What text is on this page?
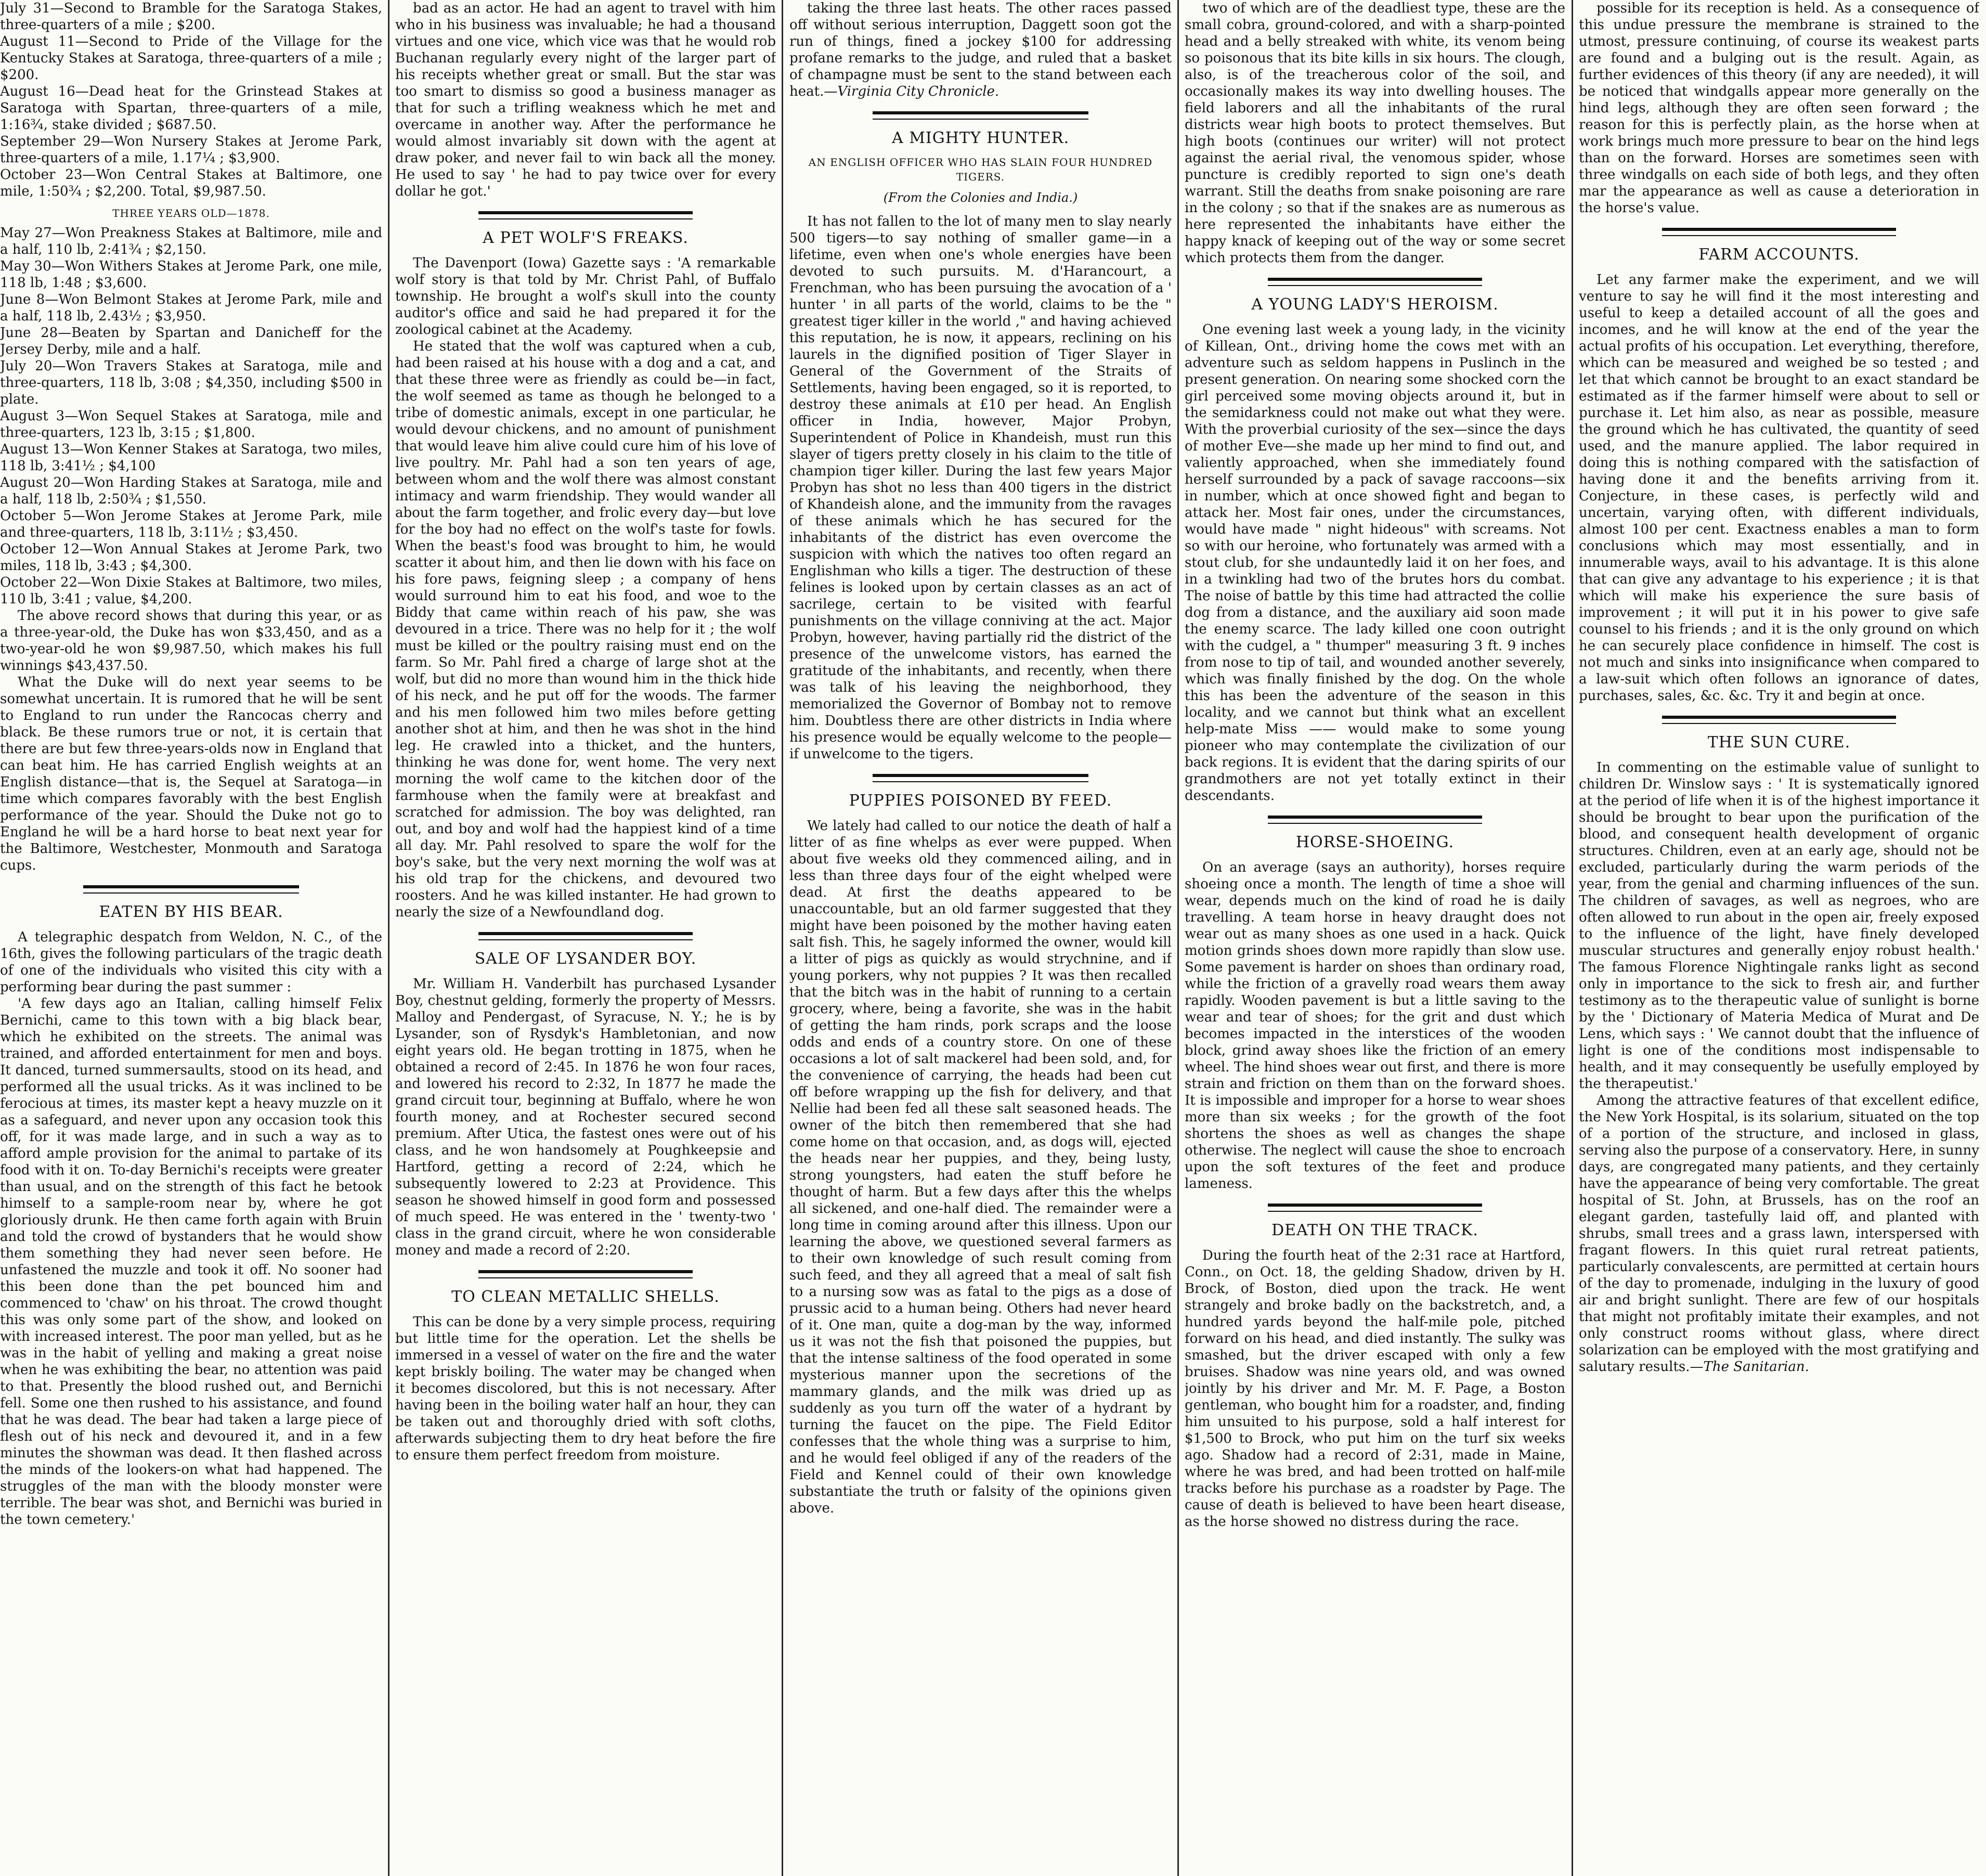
July 31—Second to Bramble for the Saratoga Stakes, three-quarters of a mile ; $200.

August 11—Second to Pride of the Village for the Kentucky Stakes at Saratoga, three-quarters of a mile ; $200.

August 16—Dead heat for the Grinstead Stakes at Saratoga with Spartan, three-quarters of a mile, 1:16¾, stake divided ; $687.50.

September 29—Won Nursery Stakes at Jerome Park, three-quarters of a mile, 1.17¼ ; $3,900.

October 23—Won Central Stakes at Baltimore, one mile, 1:50¾ ; $2,200. Total, $9,987.50.

THREE YEARS OLD—1878.

May 27—Won Preakness Stakes at Baltimore, mile and a half, 110 lb, 2:41¾ ; $2,150.

May 30—Won Withers Stakes at Jerome Park, one mile, 118 lb, 1:48 ; $3,600.

June 8—Won Belmont Stakes at Jerome Park, mile and a half, 118 lb, 2.43½ ; $3,950.

June 28—Beaten by Spartan and Danicheff for the Jersey Derby, mile and a half.

July 20—Won Travers Stakes at Saratoga, mile and three-quarters, 118 lb, 3:08 ; $4,350, including $500 in plate.

August 3—Won Sequel Stakes at Saratoga, mile and three-quarters, 123 lb, 3:15 ; $1,800.

August 13—Won Kenner Stakes at Saratoga, two miles, 118 lb, 3:41½ ; $4,100

August 20—Won Harding Stakes at Saratoga, mile and a half, 118 lb, 2:50¾ ; $1,550.

October 5—Won Jerome Stakes at Jerome Park, mile and three-quarters, 118 lb, 3:11½ ; $3,450.

October 12—Won Annual Stakes at Jerome Park, two miles, 118 lb, 3:43 ; $4,300.

October 22—Won Dixie Stakes at Baltimore, two miles, 110 lb, 3:41 ; value, $4,200.

The above record shows that during this year, or as a three-year-old, the Duke has won $33,450, and as a two-year-old he won $9,987.50, which makes his full winnings $43,437.50.

What the Duke will do next year seems to be somewhat uncertain. It is rumored that he will be sent to England to run under the Rancocas cherry and black. Be these rumors true or not, it is certain that there are but few three-years-olds now in England that can beat him. He has carried English weights at an English distance—that is, the Sequel at Saratoga—in time which compares favorably with the best English performance of the year. Should the Duke not go to England he will be a hard horse to beat next year for the Baltimore, Westchester, Monmouth and Saratoga cups.

EATEN BY HIS BEAR.

A telegraphic despatch from Weldon, N. C., of the 16th, gives the following particulars of the tragic death of one of the individuals who visited this city with a performing bear during the past summer :

'A few days ago an Italian, calling himself Felix Bernichi, came to this town with a big black bear, which he exhibited on the streets. The animal was trained, and afforded entertainment for men and boys. It danced, turned summersaults, stood on its head, and performed all the usual tricks. As it was inclined to be ferocious at times, its master kept a heavy muzzle on it as a safeguard, and never upon any occasion took this off, for it was made large, and in such a way as to afford ample provision for the animal to partake of its food with it on. To-day Bernichi's receipts were greater than usual, and on the strength of this fact he betook himself to a sample-room near by, where he got gloriously drunk. He then came forth again with Bruin and told the crowd of bystanders that he would show them something they had never seen before. He unfastened the muzzle and took it off. No sooner had this been done than the pet bounced him and commenced to 'chaw' on his throat. The crowd thought this was only some part of the show, and looked on with increased interest. The poor man yelled, but as he was in the habit of yelling and making a great noise when he was exhibiting the bear, no attention was paid to that. Presently the blood rushed out, and Bernichi fell. Some one then rushed to his assistance, and found that he was dead. The bear had taken a large piece of flesh out of his neck and devoured it, and in a few minutes the showman was dead. It then flashed across the minds of the lookers-on what had happened. The struggles of the man with the bloody monster were terrible. The bear was shot, and Bernichi was buried in the town cemetery.'

bad as an actor. He had an agent to travel with him who in his business was invaluable; he had a thousand virtues and one vice, which vice was that he would rob Buchanan regularly every night of the larger part of his receipts whether great or small. But the star was too smart to dismiss so good a business manager as that for such a trifling weakness which he met and overcame in another way. After the performance he would almost invariably sit down with the agent at draw poker, and never fail to win back all the money. He used to say ' he had to pay twice over for every dollar he got.'

A PET WOLF'S FREAKS.

The Davenport (Iowa) Gazette says : 'A remarkable wolf story is that told by Mr. Christ Pahl, of Buffalo township. He brought a wolf's skull into the county auditor's office and said he had prepared it for the zoological cabinet at the Academy.

He stated that the wolf was captured when a cub, had been raised at his house with a dog and a cat, and that these three were as friendly as could be—in fact, the wolf seemed as tame as though he belonged to a tribe of domestic animals, except in one particular, he would devour chickens, and no amount of punishment that would leave him alive could cure him of his love of live poultry. Mr. Pahl had a son ten years of age, between whom and the wolf there was almost constant intimacy and warm friendship. They would wander all about the farm together, and frolic every day—but love for the boy had no effect on the wolf's taste for fowls. When the beast's food was brought to him, he would scatter it about him, and then lie down with his face on his fore paws, feigning sleep ; a company of hens would surround him to eat his food, and woe to the Biddy that came within reach of his paw, she was devoured in a trice. There was no help for it ; the wolf must be killed or the poultry raising must end on the farm. So Mr. Pahl fired a charge of large shot at the wolf, but did no more than wound him in the thick hide of his neck, and he put off for the woods. The farmer and his men followed him two miles before getting another shot at him, and then he was shot in the hind leg. He crawled into a thicket, and the hunters, thinking he was done for, went home. The very next morning the wolf came to the kitchen door of the farmhouse when the family were at breakfast and scratched for admission. The boy was delighted, ran out, and boy and wolf had the happiest kind of a time all day. Mr. Pahl resolved to spare the wolf for the boy's sake, but the very next morning the wolf was at his old trap for the chickens, and devoured two roosters. And he was killed instanter. He had grown to nearly the size of a Newfoundland dog.

SALE OF LYSANDER BOY.

Mr. William H. Vanderbilt has purchased Lysander Boy, chestnut gelding, formerly the property of Messrs. Malloy and Pendergast, of Syracuse, N. Y.; he is by Lysander, son of Rysdyk's Hambletonian, and now eight years old. He began trotting in 1875, when he obtained a record of 2:45. In 1876 he won four races, and lowered his record to 2:32, In 1877 he made the grand circuit tour, beginning at Buffalo, where he won fourth money, and at Rochester secured second premium. After Utica, the fastest ones were out of his class, and he won handsomely at Poughkeepsie and Hartford, getting a record of 2:24, which he subsequently lowered to 2:23 at Providence. This season he showed himself in good form and possessed of much speed. He was entered in the ' twenty-two ' class in the grand circuit, where he won considerable money and made a record of 2:20.

TO CLEAN METALLIC SHELLS.

This can be done by a very simple process, requiring but little time for the operation. Let the shells be immersed in a vessel of water on the fire and the water kept briskly boiling. The water may be changed when it becomes discolored, but this is not necessary. After having been in the boiling water half an hour, they can be taken out and thoroughly dried with soft cloths, afterwards subjecting them to dry heat before the fire to ensure them perfect freedom from moisture.

taking the three last heats. The other races passed off without serious interruption, Daggett soon got the run of things, fined a jockey $100 for addressing profane remarks to the judge, and ruled that a basket of champagne must be sent to the stand between each heat.—Virginia City Chronicle.

A MIGHTY HUNTER.
AN ENGLISH OFFICER WHO HAS SLAIN FOUR HUNDRED TIGERS.
(From the Colonies and India.)

It has not fallen to the lot of many men to slay nearly 500 tigers—to say nothing of smaller game—in a lifetime, even when one's whole energies have been devoted to such pursuits. M. d'Harancourt, a Frenchman, who has been pursuing the avocation of a ' hunter ' in all parts of the world, claims to be the " greatest tiger killer in the world ," and having achieved this reputation, he is now, it appears, reclining on his laurels in the dignified position of Tiger Slayer in General of the Government of the Straits of Settlements, having been engaged, so it is reported, to destroy these animals at £10 per head. An English officer in India, however, Major Probyn, Superintendent of Police in Khandeish, must run this slayer of tigers pretty closely in his claim to the title of champion tiger killer. During the last few years Major Probyn has shot no less than 400 tigers in the district of Khandeish alone, and the immunity from the ravages of these animals which he has secured for the inhabitants of the district has even overcome the suspicion with which the natives too often regard an Englishman who kills a tiger. The destruction of these felines is looked upon by certain classes as an act of sacrilege, certain to be visited with fearful punishments on the village conniving at the act. Major Probyn, however, having partially rid the district of the presence of the unwelcome vistors, has earned the gratitude of the inhabitants, and recently, when there was talk of his leaving the neighborhood, they memorialized the Governor of Bombay not to remove him. Doubtless there are other districts in India where his presence would be equally welcome to the people—if unwelcome to the tigers.

PUPPIES POISONED BY FEED.

We lately had called to our notice the death of half a litter of as fine whelps as ever were pupped. When about five weeks old they commenced ailing, and in less than three days four of the eight whelped were dead. At first the deaths appeared to be unaccountable, but an old farmer suggested that they might have been poisoned by the mother having eaten salt fish. This, he sagely informed the owner, would kill a litter of pigs as quickly as would strychnine, and if young porkers, why not puppies ? It was then recalled that the bitch was in the habit of running to a certain grocery, where, being a favorite, she was in the habit of getting the ham rinds, pork scraps and the loose odds and ends of a country store. On one of these occasions a lot of salt mackerel had been sold, and, for the convenience of carrying, the heads had been cut off before wrapping up the fish for delivery, and that Nellie had been fed all these salt seasoned heads. The owner of the bitch then remembered that she had come home on that occasion, and, as dogs will, ejected the heads near her puppies, and they, being lusty, strong youngsters, had eaten the stuff before he thought of harm. But a few days after this the whelps all sickened, and one-half died. The remainder were a long time in coming around after this illness. Upon our learning the above, we questioned several farmers as to their own knowledge of such result coming from such feed, and they all agreed that a meal of salt fish to a nursing sow was as fatal to the pigs as a dose of prussic acid to a human being. Others had never heard of it. One man, quite a dog-man by the way, informed us it was not the fish that poisoned the puppies, but that the intense saltiness of the food operated in some mysterious manner upon the secretions of the mammary glands, and the milk was dried up as suddenly as you turn off the water of a hydrant by turning the faucet on the pipe. The Field Editor confesses that the whole thing was a surprise to him, and he would feel obliged if any of the readers of the Field and Kennel could of their own knowledge substantiate the truth or falsity of the opinions given above.

two of which are of the deadliest type, these are the small cobra, ground-colored, and with a sharp-pointed head and a belly streaked with white, its venom being so poisonous that its bite kills in six hours. The clough, also, is of the treacherous color of the soil, and occasionally makes its way into dwelling houses. The field laborers and all the inhabitants of the rural districts wear high boots to protect themselves. But high boots (continues our writer) will not protect against the aerial rival, the venomous spider, whose puncture is credibly reported to sign one's death warrant. Still the deaths from snake poisoning are rare in the colony ; so that if the snakes are as numerous as here represented the inhabitants have either the happy knack of keeping out of the way or some secret which protects them from the danger.

A YOUNG LADY'S HEROISM.

One evening last week a young lady, in the vicinity of Killean, Ont., driving home the cows met with an adventure such as seldom happens in Puslinch in the present generation. On nearing some shocked corn the girl perceived some moving objects around it, but in the semidarkness could not make out what they were. With the proverbial curiosity of the sex—since the days of mother Eve—she made up her mind to find out, and valiently approached, when she immediately found herself surrounded by a pack of savage raccoons—six in number, which at once showed fight and began to attack her. Most fair ones, under the circumstances, would have made " night hideous" with screams. Not so with our heroine, who fortunately was armed with a stout club, for she undauntedly laid it on her foes, and in a twinkling had two of the brutes hors du combat. The noise of battle by this time had attracted the collie dog from a distance, and the auxiliary aid soon made the enemy scarce. The lady killed one coon outright with the cudgel, a " thumper" measuring 3 ft. 9 inches from nose to tip of tail, and wounded another severely, which was finally finished by the dog. On the whole this has been the adventure of the season in this locality, and we cannot but think what an excellent help-mate Miss —— would make to some young pioneer who may contemplate the civilization of our back regions. It is evident that the daring spirits of our grandmothers are not yet totally extinct in their descendants.

HORSE-SHOEING.

On an average (says an authority), horses require shoeing once a month. The length of time a shoe will wear, depends much on the kind of road he is daily travelling. A team horse in heavy draught does not wear out as many shoes as one used in a hack. Quick motion grinds shoes down more rapidly than slow use. Some pavement is harder on shoes than ordinary road, while the friction of a gravelly road wears them away rapidly. Wooden pavement is but a little saving to the wear and tear of shoes; for the grit and dust which becomes impacted in the interstices of the wooden block, grind away shoes like the friction of an emery wheel. The hind shoes wear out first, and there is more strain and friction on them than on the forward shoes. It is impossible and improper for a horse to wear shoes more than six weeks ; for the growth of the foot shortens the shoes as well as changes the shape otherwise. The neglect will cause the shoe to encroach upon the soft textures of the feet and produce lameness.

DEATH ON THE TRACK.

During the fourth heat of the 2:31 race at Hartford, Conn., on Oct. 18, the gelding Shadow, driven by H. Brock, of Boston, died upon the track. He went strangely and broke badly on the backstretch, and, a hundred yards beyond the half-mile pole, pitched forward on his head, and died instantly. The sulky was smashed, but the driver escaped with only a few bruises. Shadow was nine years old, and was owned jointly by his driver and Mr. M. F. Page, a Boston gentleman, who bought him for a roadster, and, finding him unsuited to his purpose, sold a half interest for $1,500 to Brock, who put him on the turf six weeks ago. Shadow had a record of 2:31, made in Maine, where he was bred, and had been trotted on half-mile tracks before his purchase as a roadster by Page. The cause of death is believed to have been heart disease, as the horse showed no distress during the race.

possible for its reception is held. As a consequence of this undue pressure the membrane is strained to the utmost, pressure continuing, of course its weakest parts are found and a bulging out is the result. Again, as further evidences of this theory (if any are needed), it will be noticed that windgalls appear more generally on the hind legs, although they are often seen forward ; the reason for this is perfectly plain, as the horse when at work brings much more pressure to bear on the hind legs than on the forward. Horses are sometimes seen with three windgalls on each side of both legs, and they often mar the appearance as well as cause a deterioration in the horse's value.

FARM ACCOUNTS.

Let any farmer make the experiment, and we will venture to say he will find it the most interesting and useful to keep a detailed account of all the goes and incomes, and he will know at the end of the year the actual profits of his occupation. Let everything, therefore, which can be measured and weighed be so tested ; and let that which cannot be brought to an exact standard be estimated as if the farmer himself were about to sell or purchase it. Let him also, as near as possible, measure the ground which he has cultivated, the quantity of seed used, and the manure applied. The labor required in doing this is nothing compared with the satisfaction of having done it and the benefits arriving from it. Conjecture, in these cases, is perfectly wild and uncertain, varying often, with different individuals, almost 100 per cent. Exactness enables a man to form conclusions which may most essentially, and in innumerable ways, avail to his advantage. It is this alone that can give any advantage to his experience ; it is that which will make his experience the sure basis of improvement ; it will put it in his power to give safe counsel to his friends ; and it is the only ground on which he can securely place confidence in himself. The cost is not much and sinks into insignificance when compared to a law-suit which often follows an ignorance of dates, purchases, sales, &c. &c. Try it and begin at once.

THE SUN CURE.

In commenting on the estimable value of sunlight to children Dr. Winslow says : ' It is systematically ignored at the period of life when it is of the highest importance it should be brought to bear upon the purification of the blood, and consequent health development of organic structures. Children, even at an early age, should not be excluded, particularly during the warm periods of the year, from the genial and charming influences of the sun. The children of savages, as well as negroes, who are often allowed to run about in the open air, freely exposed to the influence of the light, have finely developed muscular structures and generally enjoy robust health.' The famous Florence Nightingale ranks light as second only in importance to the sick to fresh air, and further testimony as to the therapeutic value of sunlight is borne by the ' Dictionary of Materia Medica of Murat and De Lens, which says : ' We cannot doubt that the influence of light is one of the conditions most indispensable to health, and it may consequently be usefully employed by the therapeutist.'

Among the attractive features of that excellent edifice, the New York Hospital, is its solarium, situated on the top of a portion of the structure, and inclosed in glass, serving also the purpose of a conservatory. Here, in sunny days, are congregated many patients, and they certainly have the appearance of being very comfortable. The great hospital of St. John, at Brussels, has on the roof an elegant garden, tastefully laid off, and planted with shrubs, small trees and a grass lawn, interspersed with fragant flowers. In this quiet rural retreat patients, particularly convalescents, are permitted at certain hours of the day to promenade, indulging in the luxury of good air and bright sunlight. There are few of our hospitals that might not profitably imitate their examples, and not only construct rooms without glass, where direct solarization can be employed with the most gratifying and salutary results.—The Sanitarian.
